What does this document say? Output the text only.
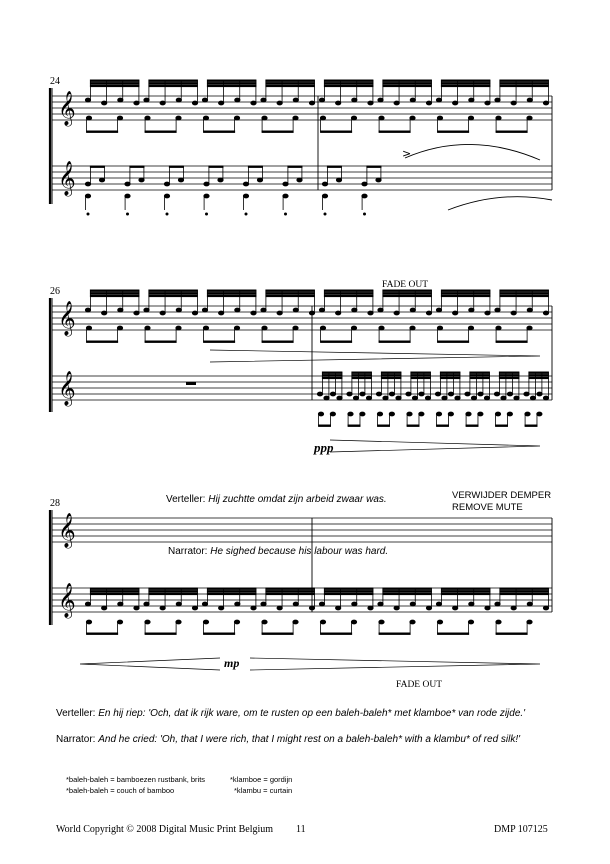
24
𝄞
𝄞
>
26
FADE OUT
𝄞
𝄞
ppp
28	Verteller: Hij zuchtte omdat zijn arbeid zwaar was.	VERWIJDER DEMPER
REMOVE MUTE
Narrator: He sighed because his labour was hard.
𝄞
𝄞
mp
FADE OUT
Verteller: En hij riep: 'Och, dat ik rijk ware, om te rusten op een baleh-baleh* met klamboe* van rode zijde.'
Narrator: And he cried: 'Oh, that I were rich, that I might rest on a baleh-baleh* with a klambu* of red silk!'
*baleh-baleh = bamboezen rustbank, brits
*baleh-baleh = couch of bamboo
*klamboe = gordijn
*klambu = curtain
World Copyright © 2008 Digital Music Print Belgium 11	DMP 107125
